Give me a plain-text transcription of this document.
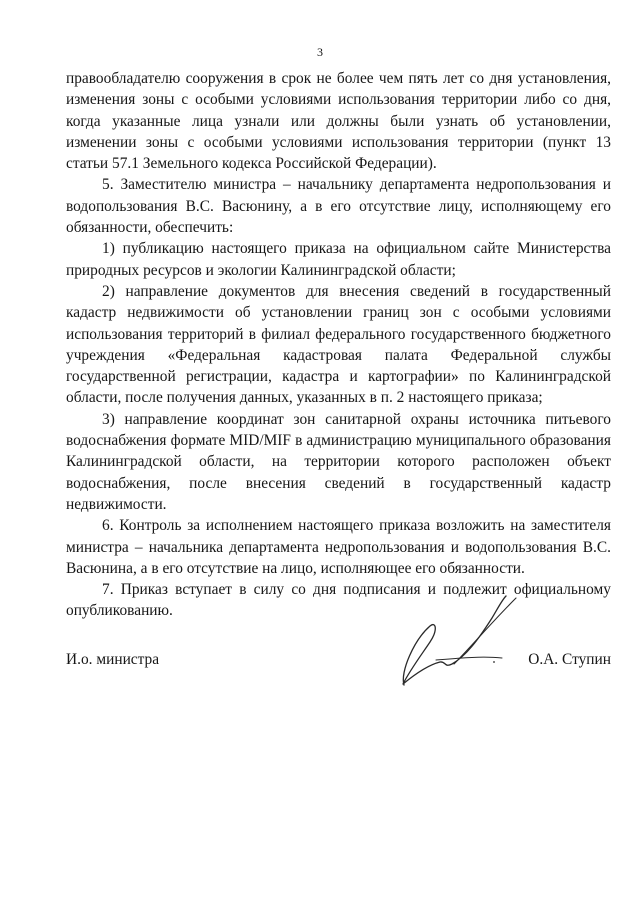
3

правообладателю сооружения в срок не более чем пять лет со дня установления, изменения зоны с особыми условиями использования территории либо со дня, когда указанные лица узнали или должны были узнать об установлении, изменении зоны с особыми условиями использования территории (пункт 13 статьи 57.1 Земельного кодекса Российской Федерации).

5. Заместителю министра – начальнику департамента недропользования и водопользования В.С. Васюнину, а в его отсутствие лицу, исполняющему его обязанности, обеспечить:

1) публикацию настоящего приказа на официальном сайте Министерства природных ресурсов и экологии Калининградской области;

2) направление документов для внесения сведений в государственный кадастр недвижимости об установлении границ зон с особыми условиями использования территорий в филиал федерального государственного бюджетного учреждения «Федеральная кадастровая палата Федеральной службы государственной регистрации, кадастра и картографии» по Калининградской области, после получения данных, указанных в п. 2 настоящего приказа;

3) направление координат зон санитарной охраны источника питьевого водоснабжения формате MID/MIF в администрацию муниципального образования Калининградской области, на территории которого расположен объект водоснабжения, после внесения сведений в государственный кадастр недвижимости.

6. Контроль за исполнением настоящего приказа возложить на заместителя министра – начальника департамента недропользования и водопользования В.С. Васюнина, а в его отсутствие на лицо, исполняющее его обязанности.

7. Приказ вступает в силу со дня подписания и подлежит официальному опубликованию.

И.о. министра	О.А. Ступин
